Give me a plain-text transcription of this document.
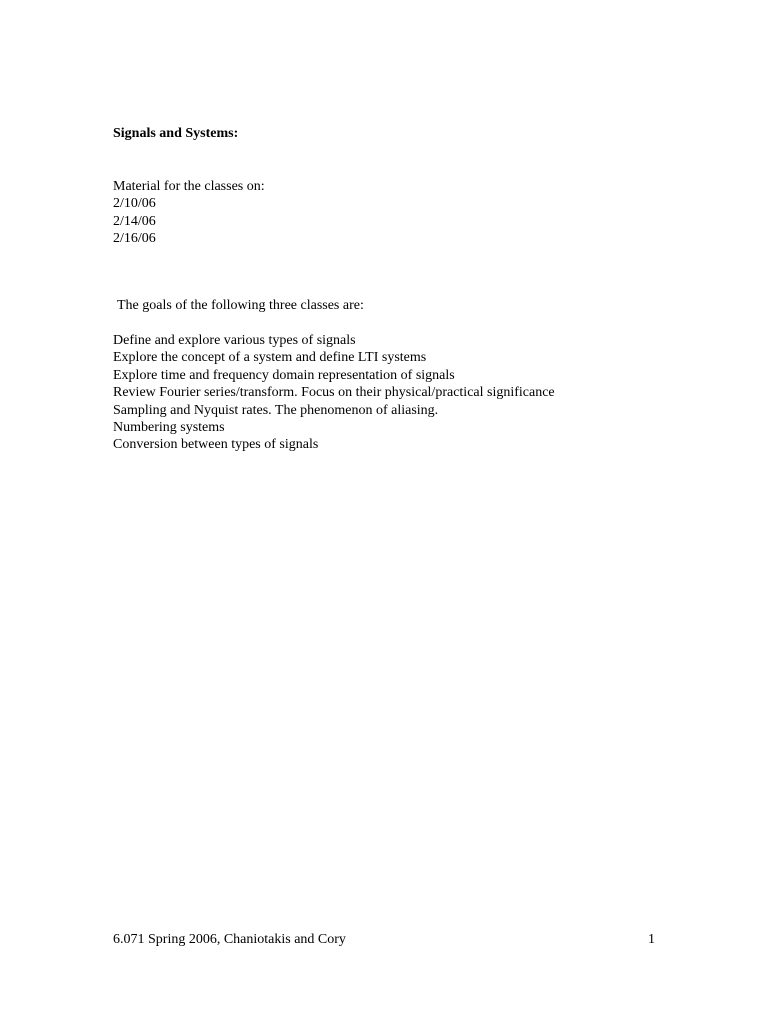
Signals and Systems:
Material for the classes on:
2/10/06
2/14/06
2/16/06

The goals of the following three classes are:

Define and explore various types of signals
Explore the concept of a system and define LTI systems
Explore time and frequency domain representation of signals
Review Fourier series/transform. Focus on their physical/practical significance
Sampling and Nyquist rates. The phenomenon of aliasing.
Numbering systems
Conversion between types of signals
6.071 Spring 2006, Chaniotakis and Cory	1
